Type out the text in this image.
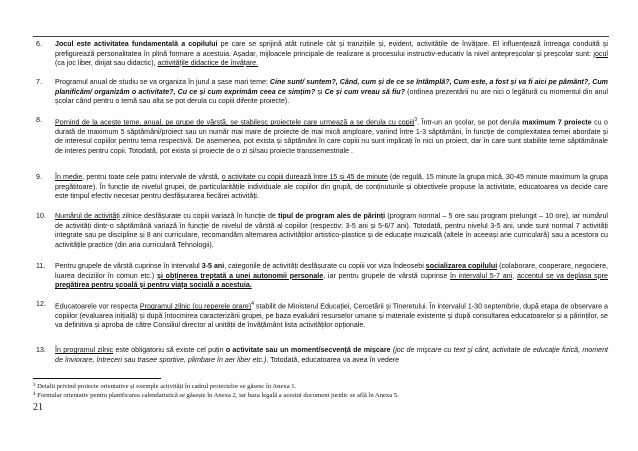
6.	Jocul este activitatea fundamentală a copilului pe care se sprijină atât rutinele cât și tranzițiile și, evident, activitățile de învățare. El influențează întreaga conduită și prefigurează personalitatea în plină formare a acestuia. Așadar, mijloacele principale de realizare a procesului instructiv-educativ la nivel antepreșcolar și preșcolar sunt: jocul (ca joc liber, dirijat sau didactic), activitățile didactice de învățare.
7.	Programul anual de studiu se va organiza în jurul a șase mari teme: Cine sunt/ suntem?, Când, cum și de ce se întâmplă?, Cum este, a fost și va fi aici pe pământ?, Cum planificăm/ organizăm o activitate?, Cu ce și cum exprimăm ceea ce simțim? și Ce și cum vreau să fiu? (ordinea prezentării nu are nici o legătură cu momentul din anul școlar când pentru o temă sau alta se pot derula cu copiii diferite proiecte).
8.	Pornind de la aceste teme, anual, pe grupe de vârstă, se stabilesc proiectele care urmează a se derula cu copiii$^3$. Într-un an școlar, se pot derula maximum 7 proiecte cu o durată de maximum 5 săptămâni/proiect sau un număr mai mare de proiecte de mai mică amploare, variind între 1-3 săptămâni, în funcție de complexitatea temei abordate și de interesul copiilor pentru tema respectivă. De asemenea, pot exista și săptămâni în care copiii nu sunt implicați în nici un proiect, dar în care sunt stabilite teme săptămânale de interes pentru copii. Totodată, pot exista și proiecte de o zi și/sau proiecte transsemestriale .
9.	În medie, pentru toate cele patru intervale de vârstă, o activitate cu copiii durează între 15 și 45 de minute (de regulă, 15 minute la grupa mică, 30-45 minute maximum la grupa pregătitoare). În funcție de nivelul grupei, de particularitățile individuale ale copiilor din grupă, de conținuturile și obiectivele propuse la activitate, educatoarea va decide care este timpul efectiv necesar pentru desfășurarea fiecărei activități.
10.	Numărul de activități zilnice desfășurate cu copiii variază în funcție de tipul de program ales de părinți (program normal – 5 ore sau program prelungit – 10 ore), iar numărul de activități dintr-o săptămână variază în funcție de nivelul de vârstă al copiilor (respectiv: 3-5 ani și 5-6/7 ani). Totodată, pentru nivelul 3-5 ani, unde sunt normal 7 activități integrate sau pe discipline și 8 ani curriculare, recomandăm alternarea activităților artistico-plastice și de educație muzicală (altele în aceeași arie curriculară) sau a acestora cu activitățile practice (din aria curriculară Tehnologii).
11.	Pentru grupele de vârstă cuprinse în intervalul 3-5 ani, categoriile de activități desfășurate cu copiii vor viza îndeosebi socializarea copilului (colaborare, cooperare, negociere, luarea deciziilor în comun etc.) și obținerea treptată a unei autonomii personale, iar pentru grupele de vârstă cuprinse în intervalul 5-7 ani, accentul se va deplasa spre pregătirea pentru școală și pentru viața socială a acestuia.
12.	Educatoarele vor respecta Programul zilnic (cu reperele orare)$^4$ stabilit de Ministerul Educației, Cercetării și Tineretului. În intervalul 1-30 septembrie, după etapa de observare a copiilor (evaluarea inițială) și după întocmirea caracterizării grupei, pe baza evaluării resurselor umane și materiale existente și după consultarea educatoarelor și a părinților, se va definitiva și aproba de către Consiliul director al unității de învățământ lista activităților opționale.
13.	În programul zilnic este obligatoriu să existe cel puțin o activitate sau un moment/secvență de mișcare (joc de mișcare cu text și cânt, activitate de educație fizică, moment de înviorare, întreceri sau trasee sportive, plimbare în aer liber etc.). Totodată, educatoarea va avea în vedere
$^3$ Detalii privind proiecte orientative și exemple activități în cadrul proiectelor se găsesc în Anexa 1.
$^4$ Formular orientativ pentru planificarea calendaristică se găsește în Anexa 2, iar baza legală a acestui document juridic se află în Anexa 5.
21
